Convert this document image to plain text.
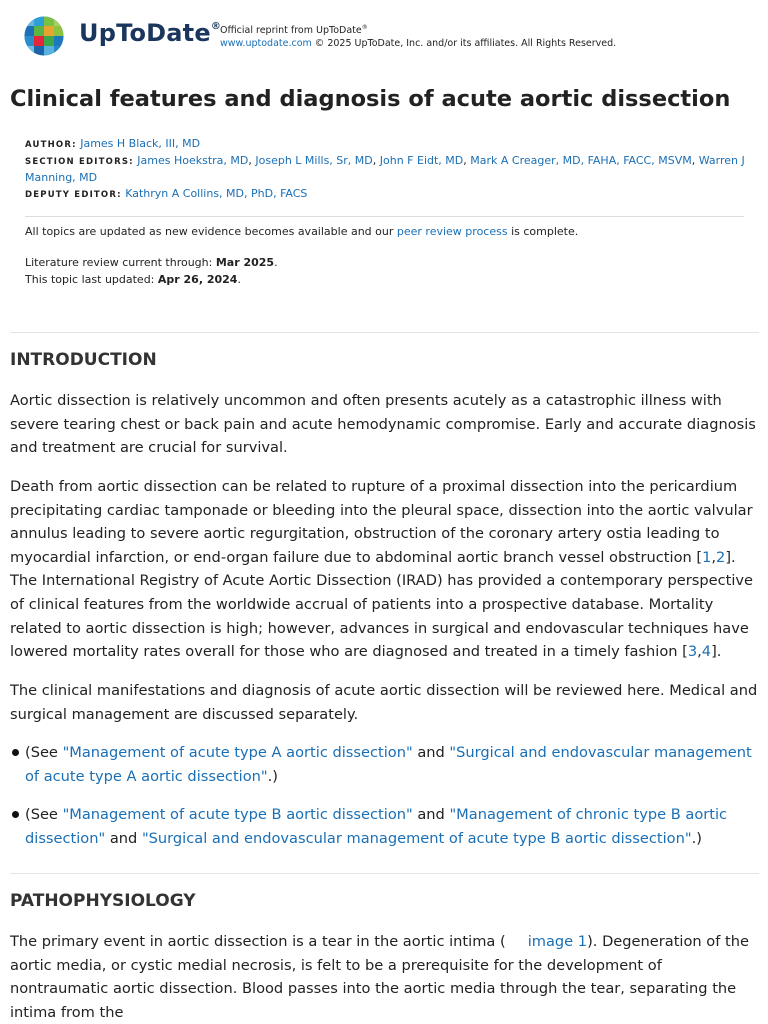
UpToDate®
Official reprint from UpToDate®
www.uptodate.com © 2025 UpToDate, Inc. and/or its affiliates. All Rights Reserved.
Clinical features and diagnosis of acute aortic dissection
AUTHOR: James H Black, III, MD
SECTION EDITORS: James Hoekstra, MD, Joseph L Mills, Sr, MD, John F Eidt, MD, Mark A Creager, MD, FAHA, FACC, MSVM, Warren J Manning, MD
DEPUTY EDITOR: Kathryn A Collins, MD, PhD, FACS
All topics are updated as new evidence becomes available and our peer review process is complete.
Literature review current through: Mar 2025.
This topic last updated: Apr 26, 2024.
INTRODUCTION

Aortic dissection is relatively uncommon and often presents acutely as a catastrophic illness with severe tearing chest or back pain and acute hemodynamic compromise. Early and accurate diagnosis and treatment are crucial for survival.

Death from aortic dissection can be related to rupture of a proximal dissection into the pericardium precipitating cardiac tamponade or bleeding into the pleural space, dissection into the aortic valvular annulus leading to severe aortic regurgitation, obstruction of the coronary artery ostia leading to myocardial infarction, or end-organ failure due to abdominal aortic branch vessel obstruction [1,2]. The International Registry of Acute Aortic Dissection (IRAD) has provided a contemporary perspective of clinical features from the worldwide accrual of patients into a prospective database. Mortality related to aortic dissection is high; however, advances in surgical and endovascular techniques have lowered mortality rates overall for those who are diagnosed and treated in a timely fashion [3,4].

The clinical manifestations and diagnosis of acute aortic dissection will be reviewed here. Medical and surgical management are discussed separately.

(See "Management of acute type A aortic dissection" and "Surgical and endovascular management of acute type A aortic dissection".)
(See "Management of acute type B aortic dissection" and "Management of chronic type B aortic dissection" and "Surgical and endovascular management of acute type B aortic dissection".)
PATHOPHYSIOLOGY

The primary event in aortic dissection is a tear in the aortic intima ( image 1). Degeneration of the aortic media, or cystic medial necrosis, is felt to be a prerequisite for the development of nontraumatic aortic dissection. Blood passes into the aortic media through the tear, separating the intima from the
